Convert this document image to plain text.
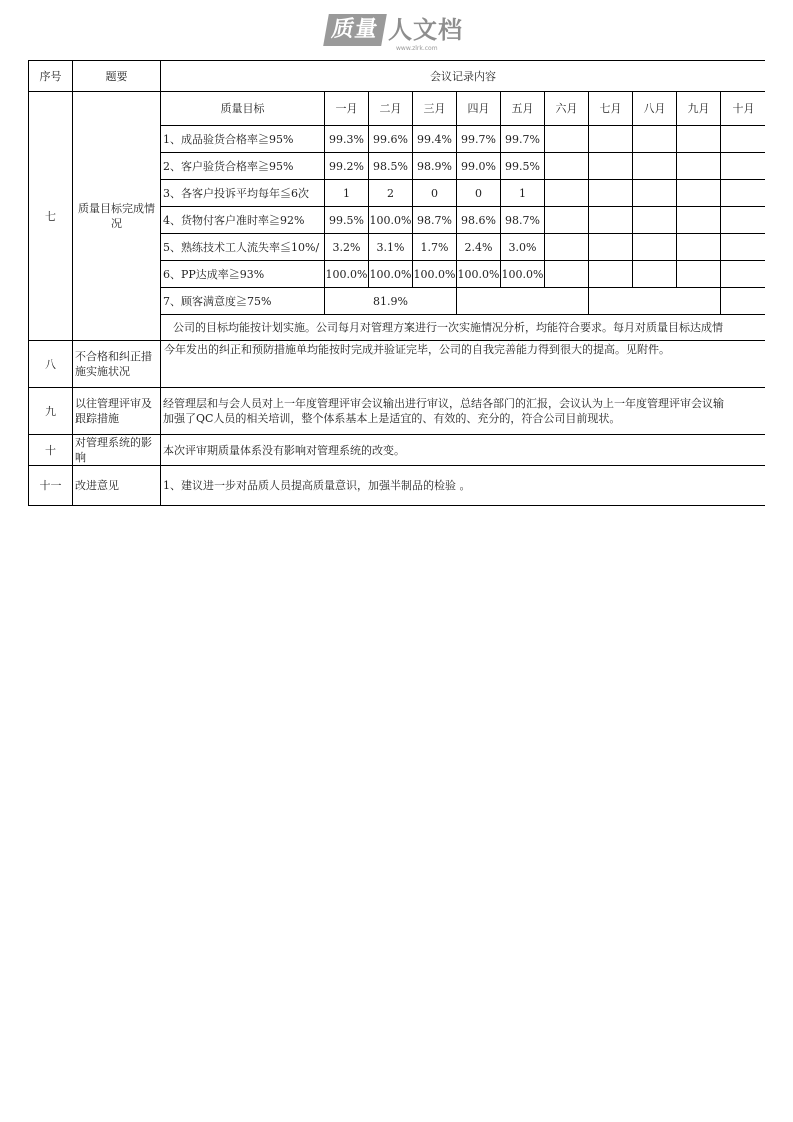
质量 人文档
www.zlrk.com
序号	题要	会议记录内容
七	质量目标完成情况	
质量目标	一月	二月	三月	四月	五月	六月	七月	八月	九月	十月
1、成品验货合格率≧95%	99.3%	99.6%	99.4%	99.7%	99.7%					
2、客户验货合格率≧95%	99.2%	98.5%	98.9%	99.0%	99.5%					
3、各客户投诉平均每年≦6次	1	2	0	0	1					
4、货物付客户准时率≧92%	99.5%	100.0%	98.7%	98.6%	98.7%					
5、熟练技术工人流失率≦10%/	3.2%	3.1%	1.7%	2.4%	3.0%					
6、PP达成率≧93%	100.0%	100.0%	100.0%	100.0%	100.0%					
7、顾客满意度≧75%	81.9%			
公司的目标均能按计划实施。公司每月对管理方案进行一次实施情况分析，均能符合要求。每月对质量目标达成情

八	不合格和纠正措施实施状况	今年发出的纠正和预防措施单均能按时完成并验证完毕，公司的自我完善能力得到很大的提高。见附件。
九	以往管理评审及跟踪措施	
经管理层和与会人员对上一年度管理评审会议输出进行审议，总结各部门的汇报，会议认为上一年度管理评审会议输
加强了QC人员的相关培训，整个体系基本上是适宜的、有效的、充分的，符合公司目前现状。

十	对管理系统的影响	本次评审期质量体系没有影响对管理系统的改变。
十一	改进意见	1、建议进一步对品质人员提高质量意识，加强半制品的检验 。
